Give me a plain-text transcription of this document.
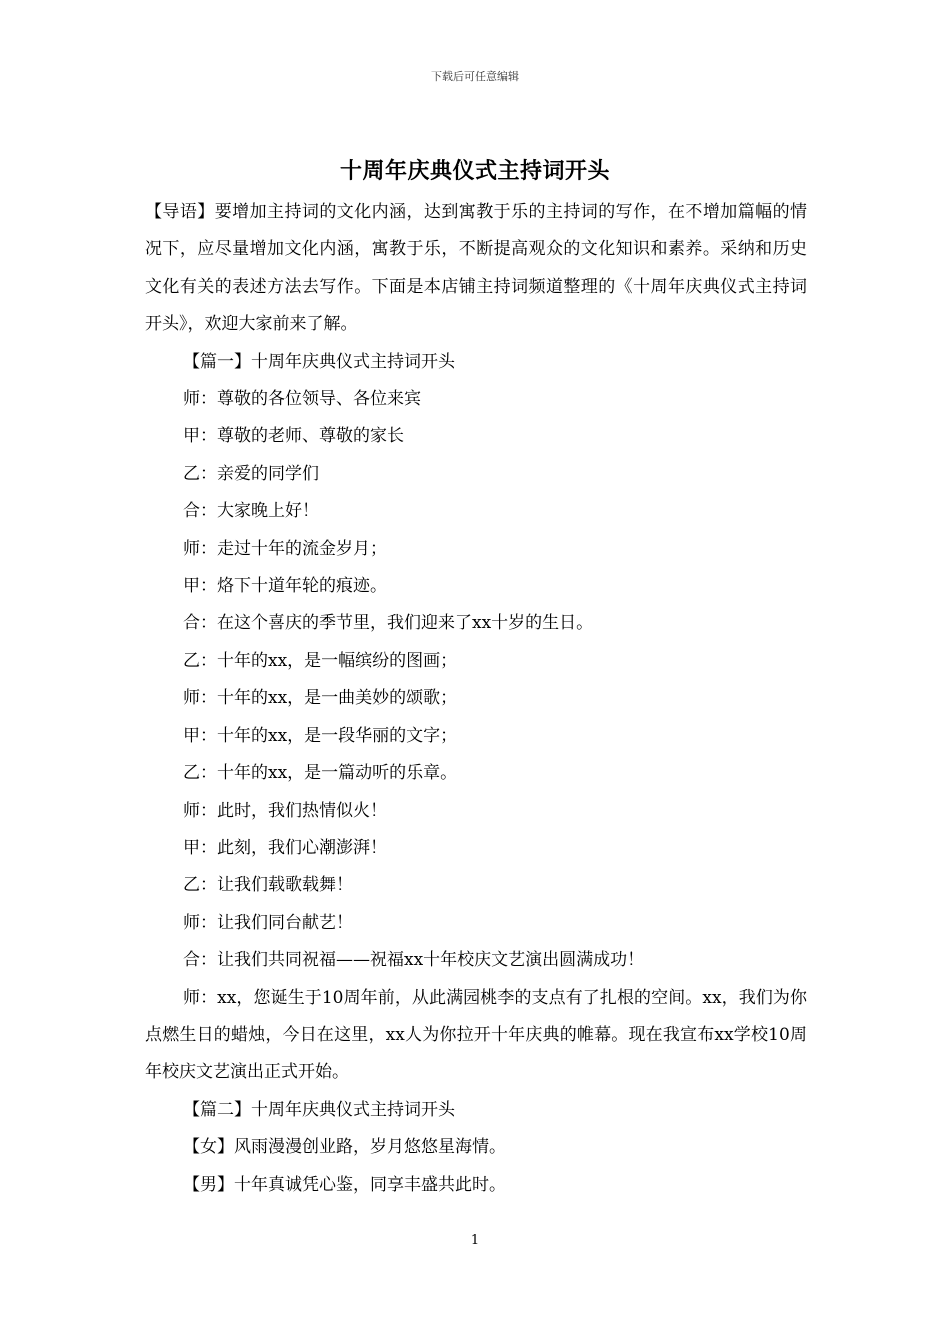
下载后可任意编辑
十周年庆典仪式主持词开头

【导语】要增加主持词的文化内涵，达到寓教于乐的主持词的写作，在不增加篇幅的情况下，应尽量增加文化内涵，寓教于乐，不断提高观众的文化知识和素养。采纳和历史文化有关的表述方法去写作。下面是本店铺主持词频道整理的《十周年庆典仪式主持词开头》，欢迎大家前来了解。

【篇一】十周年庆典仪式主持词开头

师：尊敬的各位领导、各位来宾

甲：尊敬的老师、尊敬的家长

乙：亲爱的同学们

合：大家晚上好！

师：走过十年的流金岁月；

甲：烙下十道年轮的痕迹。

合：在这个喜庆的季节里，我们迎来了xx十岁的生日。

乙：十年的xx，是一幅缤纷的图画；

师：十年的xx，是一曲美妙的颂歌；

甲：十年的xx，是一段华丽的文字；

乙：十年的xx，是一篇动听的乐章。

师：此时，我们热情似火！

甲：此刻，我们心潮澎湃！

乙：让我们载歌载舞！

师：让我们同台献艺！

合：让我们共同祝福——祝福xx十年校庆文艺演出圆满成功！

师：xx，您诞生于10周年前，从此满园桃李的支点有了扎根的空间。xx，我们为你点燃生日的蜡烛，今日在这里，xx人为你拉开十年庆典的帷幕。现在我宣布xx学校10周年校庆文艺演出正式开始。

【篇二】十周年庆典仪式主持词开头

【女】风雨漫漫创业路，岁月悠悠星海情。

【男】十年真诚凭心鉴，同享丰盛共此时。

1
